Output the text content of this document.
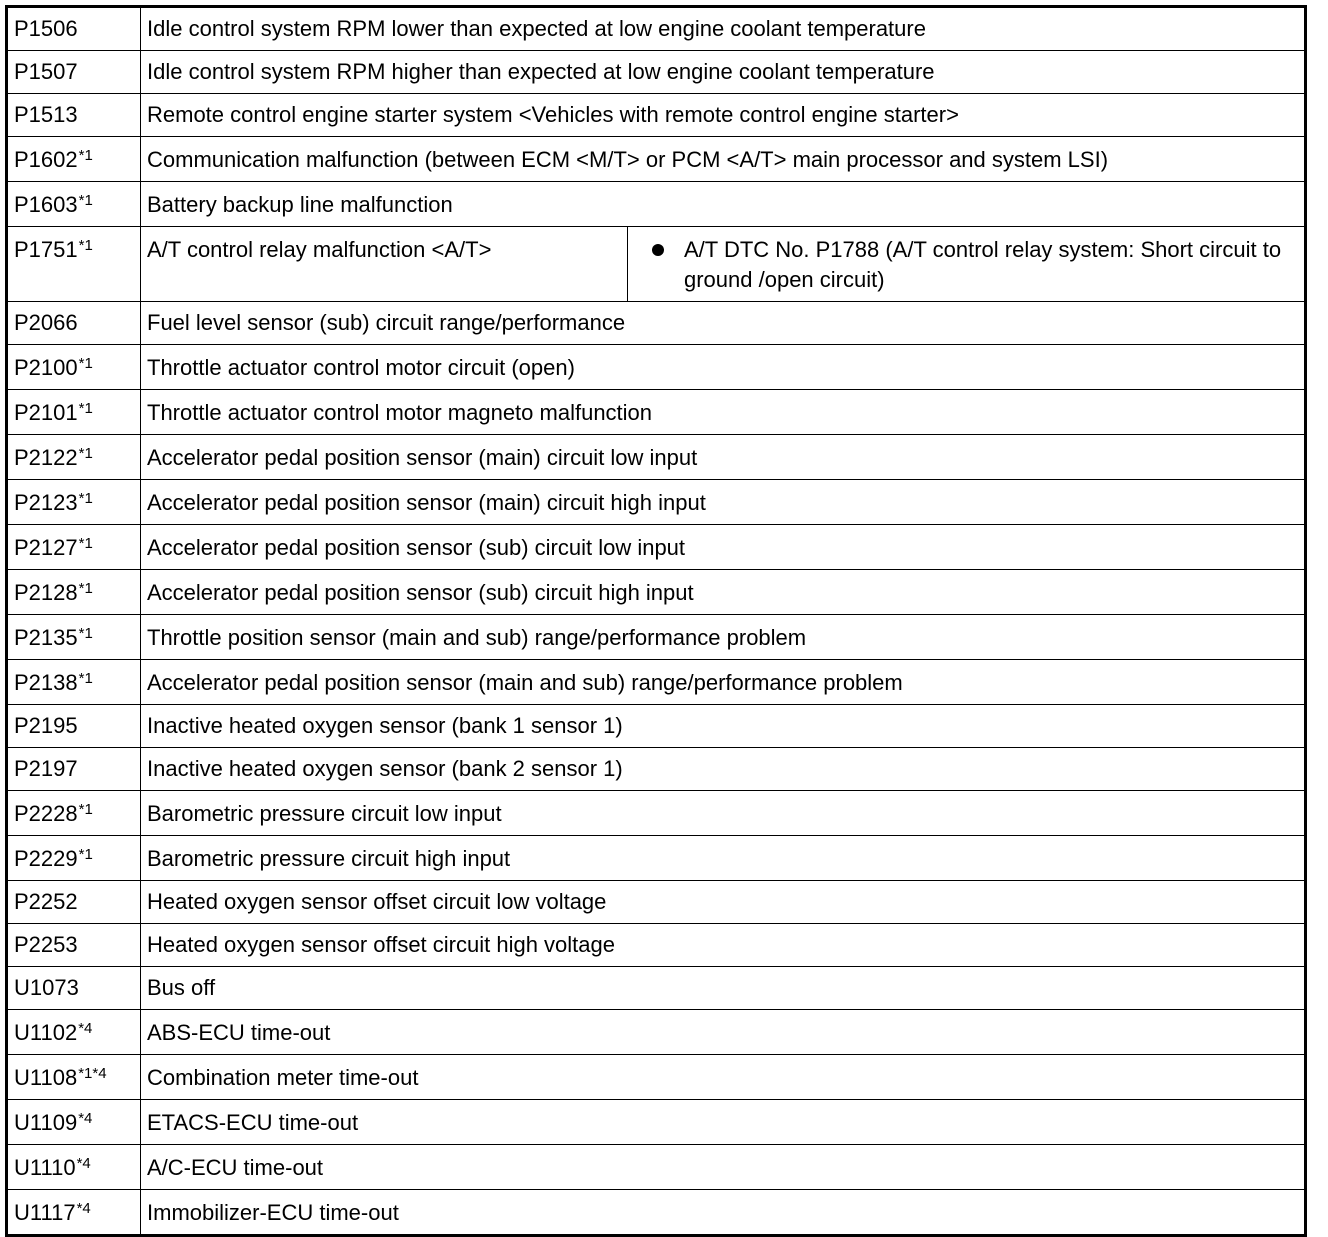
P1506	Idle control system RPM lower than expected at low engine coolant temperature	
P1507	Idle control system RPM higher than expected at low engine coolant temperature	
P1513	Remote control engine starter system <Vehicles with remote control engine starter>	
P1602$^{*1}$	Communication malfunction (between ECM <M/T> or PCM <A/T> main processor and system LSI)	
P1603$^{*1}$	Battery backup line malfunction	
P1751$^{*1}$	A/T control relay malfunction <A/T>	A/T DTC No. P1788 (A/T control relay system: Short circuit to ground /open circuit)

P2066	Fuel level sensor (sub) circuit range/performance	
P2100$^{*1}$	Throttle actuator control motor circuit (open)	
P2101$^{*1}$	Throttle actuator control motor magneto malfunction	
P2122$^{*1}$	Accelerator pedal position sensor (main) circuit low input	
P2123$^{*1}$	Accelerator pedal position sensor (main) circuit high input	
P2127$^{*1}$	Accelerator pedal position sensor (sub) circuit low input	
P2128$^{*1}$	Accelerator pedal position sensor (sub) circuit high input	
P2135$^{*1}$	Throttle position sensor (main and sub) range/performance problem	
P2138$^{*1}$	Accelerator pedal position sensor (main and sub) range/performance problem	
P2195	Inactive heated oxygen sensor (bank 1 sensor 1)	
P2197	Inactive heated oxygen sensor (bank 2 sensor 1)	
P2228$^{*1}$	Barometric pressure circuit low input	
P2229$^{*1}$	Barometric pressure circuit high input	
P2252	Heated oxygen sensor offset circuit low voltage	
P2253	Heated oxygen sensor offset circuit high voltage	
U1073	Bus off	
U1102$^{*4}$	ABS-ECU time-out	
$U1108^{*1*4}$	Combination meter time-out	
U1109$^{*4}$	ETACS-ECU time-out	
U1110$^{*4}$	A/C-ECU time-out	
U1117$^{*4}$	Immobilizer-ECU time-out	
